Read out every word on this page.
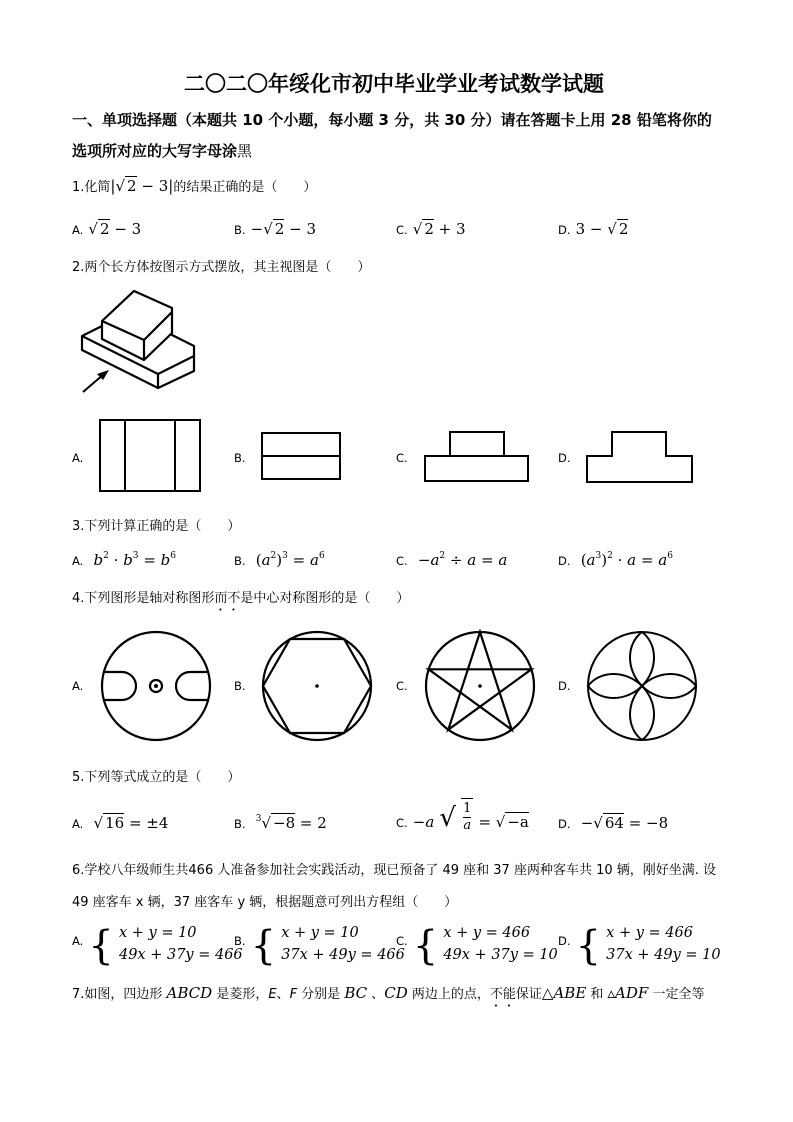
二〇二〇年绥化市初中毕业学业考试数学试题
一、单项选择题（本题共 10 个小题，每小题 3 分，共 30 分）请在答题卡上用 28 铅笔将你的
选项所对应的大写字母涂黑
1.化简|√ 2 − 3|的结果正确的是（　　）
A. √ 2 − 3	B. −√ 2 − 3	C. √ 2 + 3	D. 3 − √ 2
2.两个长方体按图示方式摆放，其主视图是（　　）
A.	B.	C.	D.
3.下列计算正确的是（　　）
A. $b^2 \cdot b^3 = b^6$	B. $(a^2)^3 = a^6$	C. $-a^2 \div a = a$	D. $(a^3)^2 \cdot a = a^6$
4.下列图形是轴对称图形而不是中心对称图形的是（　　）
A.	B.	C.	D.
5.下列等式成立的是（　　）
A. √ 16 = ±4	B. $^3$√ −8 = 2	$_{C.}$ −a √ $\frac{1}{a}$ = √ −a	D. −√ 64 = −8
6.学校八年级师生共466 人准备参加社会实践活动，现已预备了 49 座和 37 座两种客车共 10 辆，刚好坐满. 设
49 座客车 x 辆，37 座客车 y 辆，根据题意可列出方程组（　　）
$^{A.}$ { x + y = 10
49x + 37y = 466
$^{B.}$ { x + y = 10
37x + 49y = 466
$^{C.}$ { x + y = 466
49x + 37y = 10
$^{D.}$ { x + y = 466
37x + 49y = 10
7.如图，四边形 ABCD 是菱形，E、F 分别是 BC 、CD 两边上的点，不能保证△ABE 和 ▵ADF 一定全等
